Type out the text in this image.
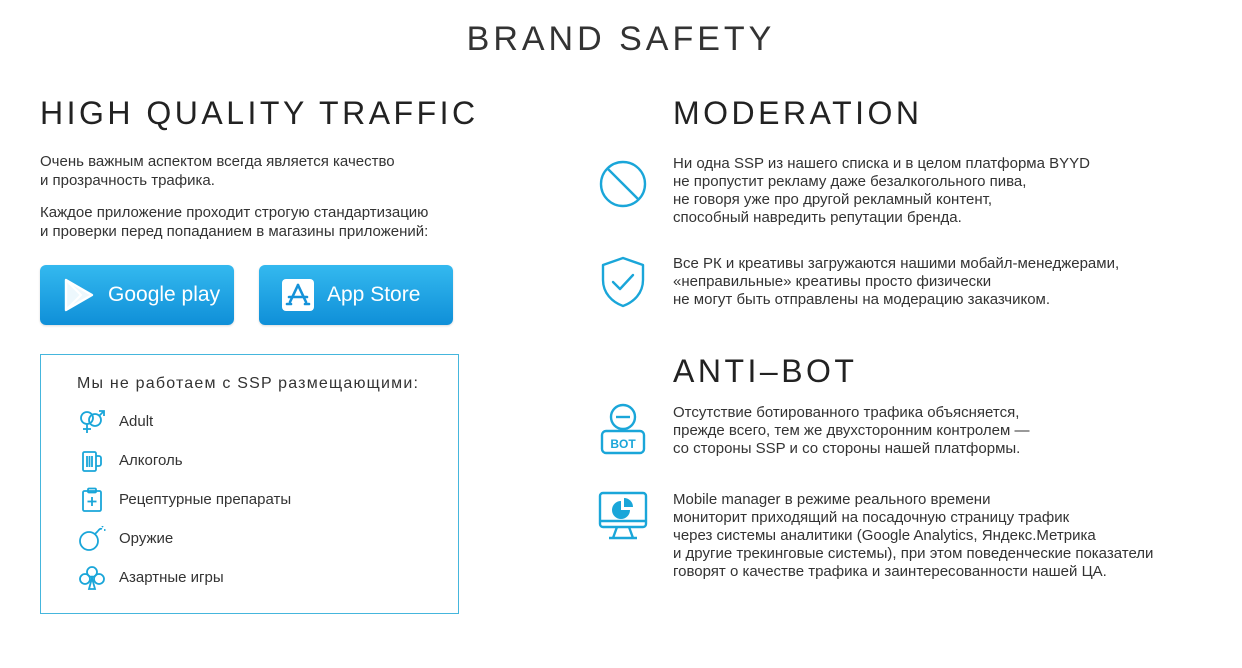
BRAND SAFETY
HIGH QUALITY TRAFFIC

Очень важным аспектом всегда является качество
и прозрачность трафика.

Каждое приложение проходит строгую стандартизацию
и проверки перед попаданием в магазины приложений:

Google play	App Store
Мы не работаем с SSP размещающими:
Adult
Алкоголь
Рецептурные препараты
Оружие
Азартные игры
MODERATION
Ни одна SSP из нашего списка и в целом платформа BYYD
не пропустит рекламу даже безалкогольного пива,
не говоря уже про другой рекламный контент,
способный навредить репутации бренда.
Все РК и креативы загружаются нашими мобайл-менеджерами,
«неправильные» креативы просто физически
не могут быть отправлены на модерацию заказчиком.
ANTI–BOT
BOT
Отсутствие ботированного трафика объясняется,
прежде всего, тем же двухсторонним контролем —
со стороны SSP и со стороны нашей платформы.
Mobile manager в режиме реального времени
мониторит приходящий на посадочную страницу трафик
через системы аналитики (Google Analytics, Яндекс.Метрика
и другие трекинговые системы), при этом поведенческие показатели
говорят о качестве трафика и заинтересованности нашей ЦА.
